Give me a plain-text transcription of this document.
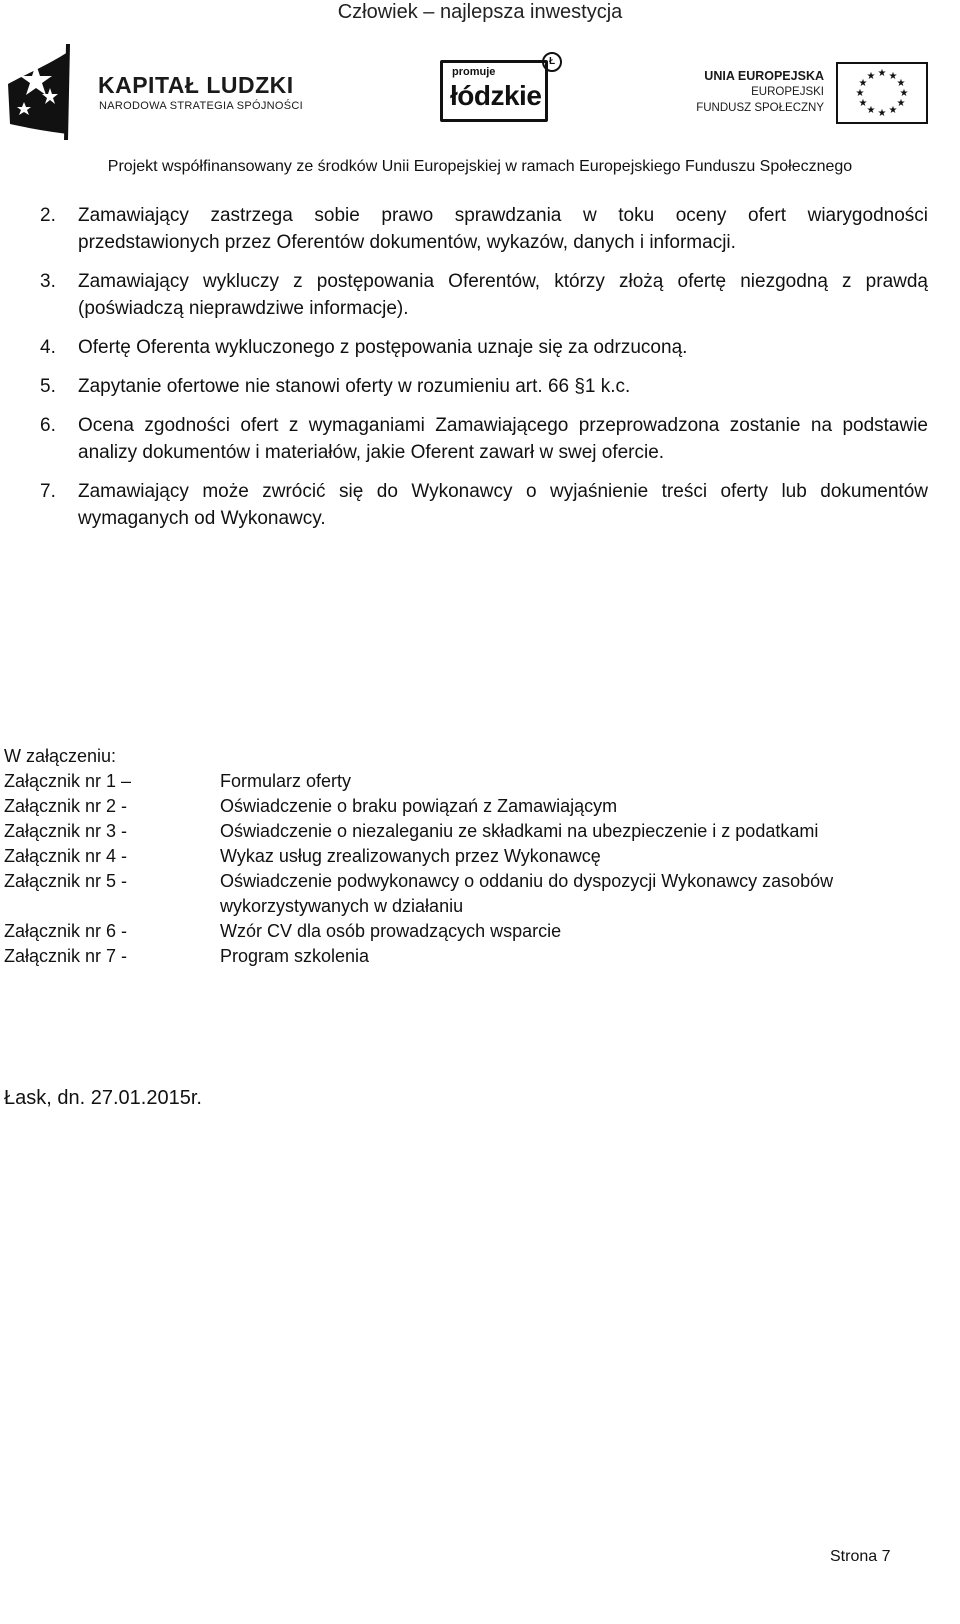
Człowiek – najlepsza inwestycja
KAPITAŁ LUDZKI
NARODOWA STRATEGIA SPÓJNOŚCI
promuje
łódzkie
Ł
UNIA EUROPEJSKA
EUROPEJSKI
FUNDUSZ SPOŁECZNY
★ ★
★
★
★
★
★
★
★
★
★
★
Projekt współfinansowany ze środków Unii Europejskiej w ramach Europejskiego Funduszu Społecznego
2. Zamawiający zastrzega sobie prawo sprawdzania w toku oceny ofert wiarygodności przedstawionych przez Oferentów dokumentów, wykazów, danych i informacji.
3. Zamawiający wykluczy z postępowania Oferentów, którzy złożą ofertę niezgodną z prawdą (poświadczą nieprawdziwe informacje).
4. Ofertę Oferenta wykluczonego z postępowania uznaje się za odrzuconą.
5. Zapytanie ofertowe nie stanowi oferty w rozumieniu art. 66 §1 k.c.
6. Ocena zgodności ofert z wymaganiami Zamawiającego przeprowadzona zostanie na podstawie analizy dokumentów i materiałów, jakie Oferent zawarł w swej ofercie.
7. Zamawiający może zwrócić się do Wykonawcy o wyjaśnienie treści oferty lub dokumentów wymaganych od Wykonawcy.
W załączeniu:
Załącznik nr 1 –	Formularz oferty
Załącznik nr 2 -	Oświadczenie o braku powiązań z Zamawiającym
Załącznik nr 3 -	Oświadczenie o niezaleganiu ze składkami na ubezpieczenie i z podatkami
Załącznik nr 4 -	Wykaz usług zrealizowanych przez Wykonawcę
Załącznik nr 5 -	Oświadczenie podwykonawcy o oddaniu do dyspozycji Wykonawcy zasobów wykorzystywanych w działaniu
Załącznik nr 6 -	Wzór CV dla osób prowadzących wsparcie
Załącznik nr 7 -	Program szkolenia
Łask, dn. 27.01.2015r.
Strona 7
